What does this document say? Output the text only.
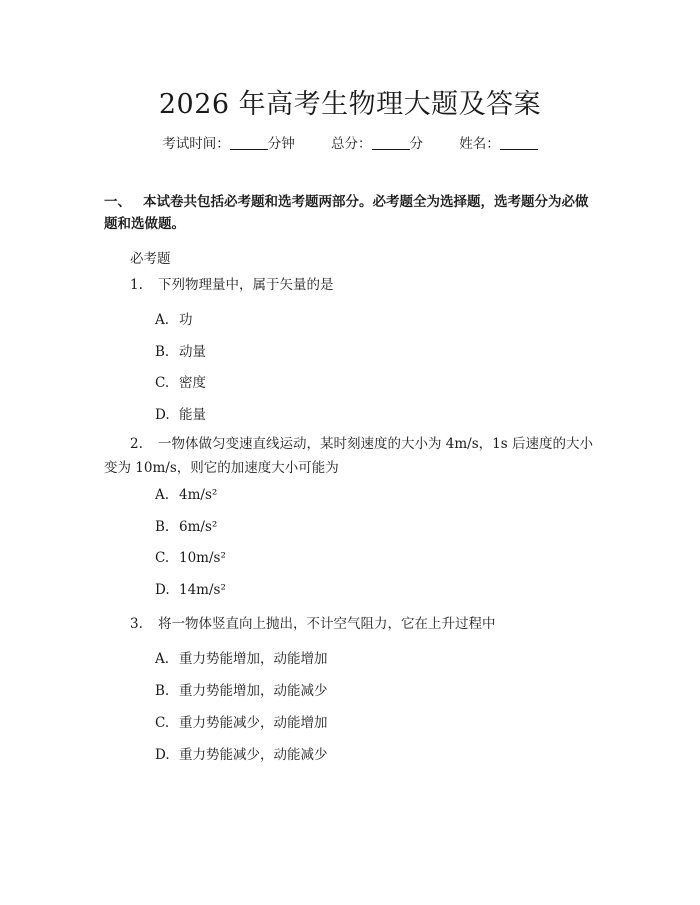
2026 年高考生物理大题及答案
考试时间：	分钟	总分：	分	姓名：
一、 本试卷共包括必考题和选考题两部分。必考题全为选择题，选考题分为必做题和选做题。
必考题
1. 下列物理量中，属于矢量的是
A. 功
B. 动量
C. 密度
D. 能量
2. 一物体做匀变速直线运动，某时刻速度的大小为 4m/s，1s 后速度的大小变为 10m/s，则它的加速度大小可能为
A. 4m/s²
B. 6m/s²
C. 10m/s²
D. 14m/s²
3. 将一物体竖直向上抛出，不计空气阻力，它在上升过程中
A. 重力势能增加，动能增加
B. 重力势能增加，动能减少
C. 重力势能减少，动能增加
D. 重力势能减少，动能减少
